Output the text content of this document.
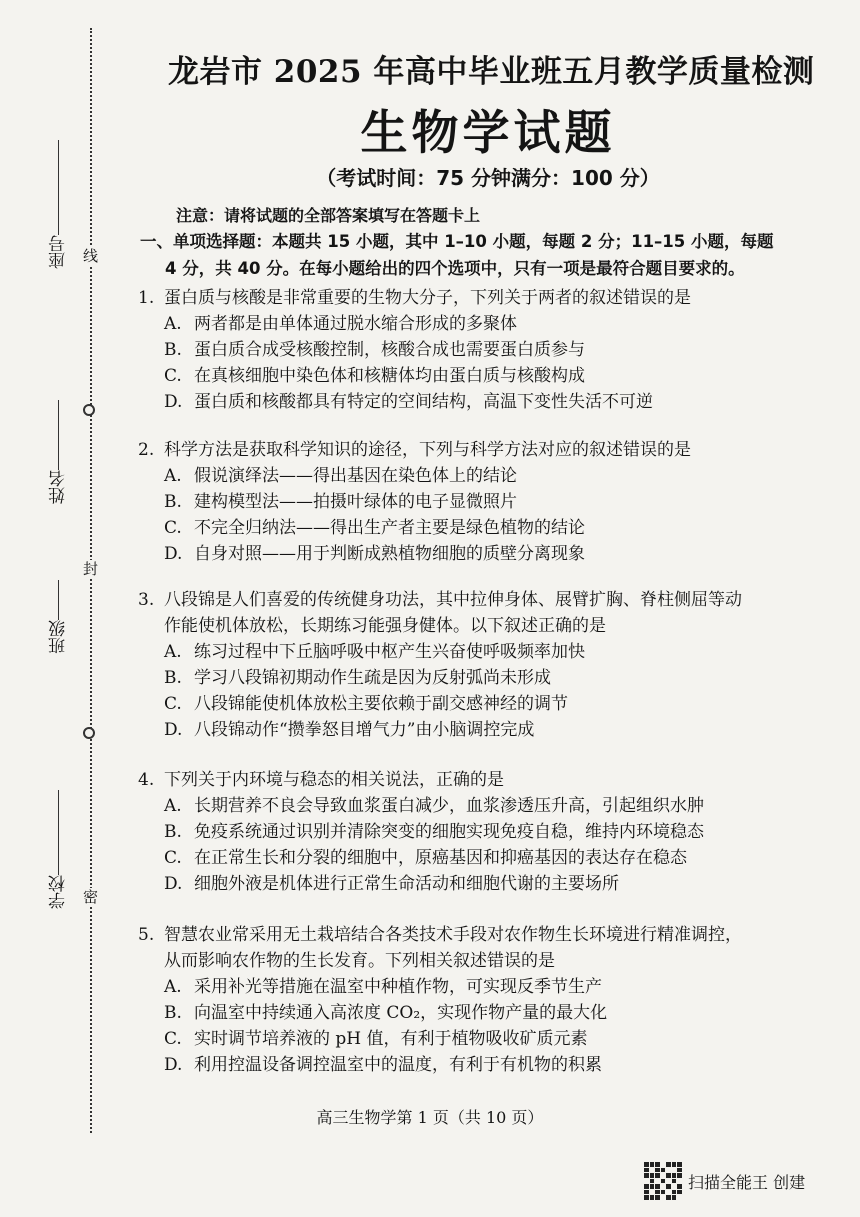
线
封
密
座号
姓名
班级
学校
龙岩市 2025 年高中毕业班五月教学质量检测
生物学试题
（考试时间：75 分钟满分：100 分）
注意：请将试题的全部答案填写在答题卡上
一、单项选择题：本题共 15 小题，其中 1–10 小题，每题 2 分；11–15 小题，每题
4 分，共 40 分。在每小题给出的四个选项中，只有一项是最符合题目要求的。
1. 蛋白质与核酸是非常重要的生物大分子，下列关于两者的叙述错误的是
A. 两者都是由单体通过脱水缩合形成的多聚体
B. 蛋白质合成受核酸控制，核酸合成也需要蛋白质参与
C. 在真核细胞中染色体和核糖体均由蛋白质与核酸构成
D. 蛋白质和核酸都具有特定的空间结构，高温下变性失活不可逆
2. 科学方法是获取科学知识的途径，下列与科学方法对应的叙述错误的是
A. 假说演绎法——得出基因在染色体上的结论
B. 建构模型法——拍摄叶绿体的电子显微照片
C. 不完全归纳法——得出生产者主要是绿色植物的结论
D. 自身对照——用于判断成熟植物细胞的质壁分离现象
3. 八段锦是人们喜爱的传统健身功法，其中拉伸身体、展臂扩胸、脊柱侧屈等动
作能使机体放松，长期练习能强身健体。以下叙述正确的是
A. 练习过程中下丘脑呼吸中枢产生兴奋使呼吸频率加快
B. 学习八段锦初期动作生疏是因为反射弧尚未形成
C. 八段锦能使机体放松主要依赖于副交感神经的调节
D. 八段锦动作“攒拳怒目增气力”由小脑调控完成
4. 下列关于内环境与稳态的相关说法，正确的是
A. 长期营养不良会导致血浆蛋白减少，血浆渗透压升高，引起组织水肿
B. 免疫系统通过识别并清除突变的细胞实现免疫自稳，维持内环境稳态
C. 在正常生长和分裂的细胞中，原癌基因和抑癌基因的表达存在稳态
D. 细胞外液是机体进行正常生命活动和细胞代谢的主要场所
5. 智慧农业常采用无土栽培结合各类技术手段对农作物生长环境进行精准调控，
从而影响农作物的生长发育。下列相关叙述错误的是
A. 采用补光等措施在温室中种植作物，可实现反季节生产
B. 向温室中持续通入高浓度 CO₂，实现作物产量的最大化
C. 实时调节培养液的 pH 值，有利于植物吸收矿质元素
D. 利用控温设备调控温室中的温度，有利于有机物的积累
高三生物学第 1 页（共 10 页）
扫描全能王 创建
